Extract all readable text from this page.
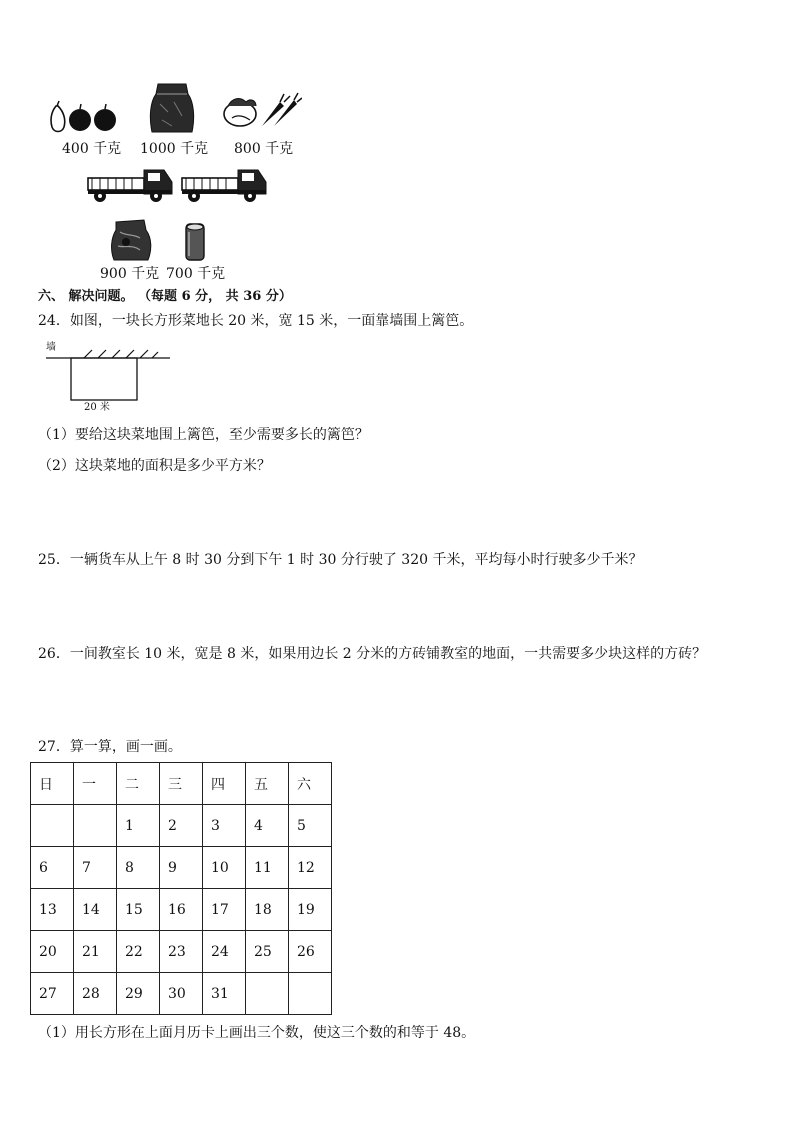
400 千克 1000 千克 800 千克
900 千克 700 千克
六、 解决问题。 （每题 6 分， 共 36 分）
24．如图，一块长方形菜地长 20 米，宽 15 米，一面靠墙围上篱笆。
墙
20 米
（1）要给这块菜地围上篱笆，至少需要多长的篱笆？
（2）这块菜地的面积是多少平方米？
25．一辆货车从上午 8 时 30 分到下午 1 时 30 分行驶了 320 千米，平均每小时行驶多少千米？
26．一间教室长 10 米，宽是 8 米，如果用边长 2 分米的方砖铺教室的地面，一共需要多少块这样的方砖？
27．算一算，画一画。
日	一	二	三	四	五	六
		1	2	3	4	5
6	7	8	9	10	11	12
13	14	15	16	17	18	19
20	21	22	23	24	25	26
27	28	29	30	31		
（1）用长方形在上面月历卡上画出三个数，使这三个数的和等于 48。
